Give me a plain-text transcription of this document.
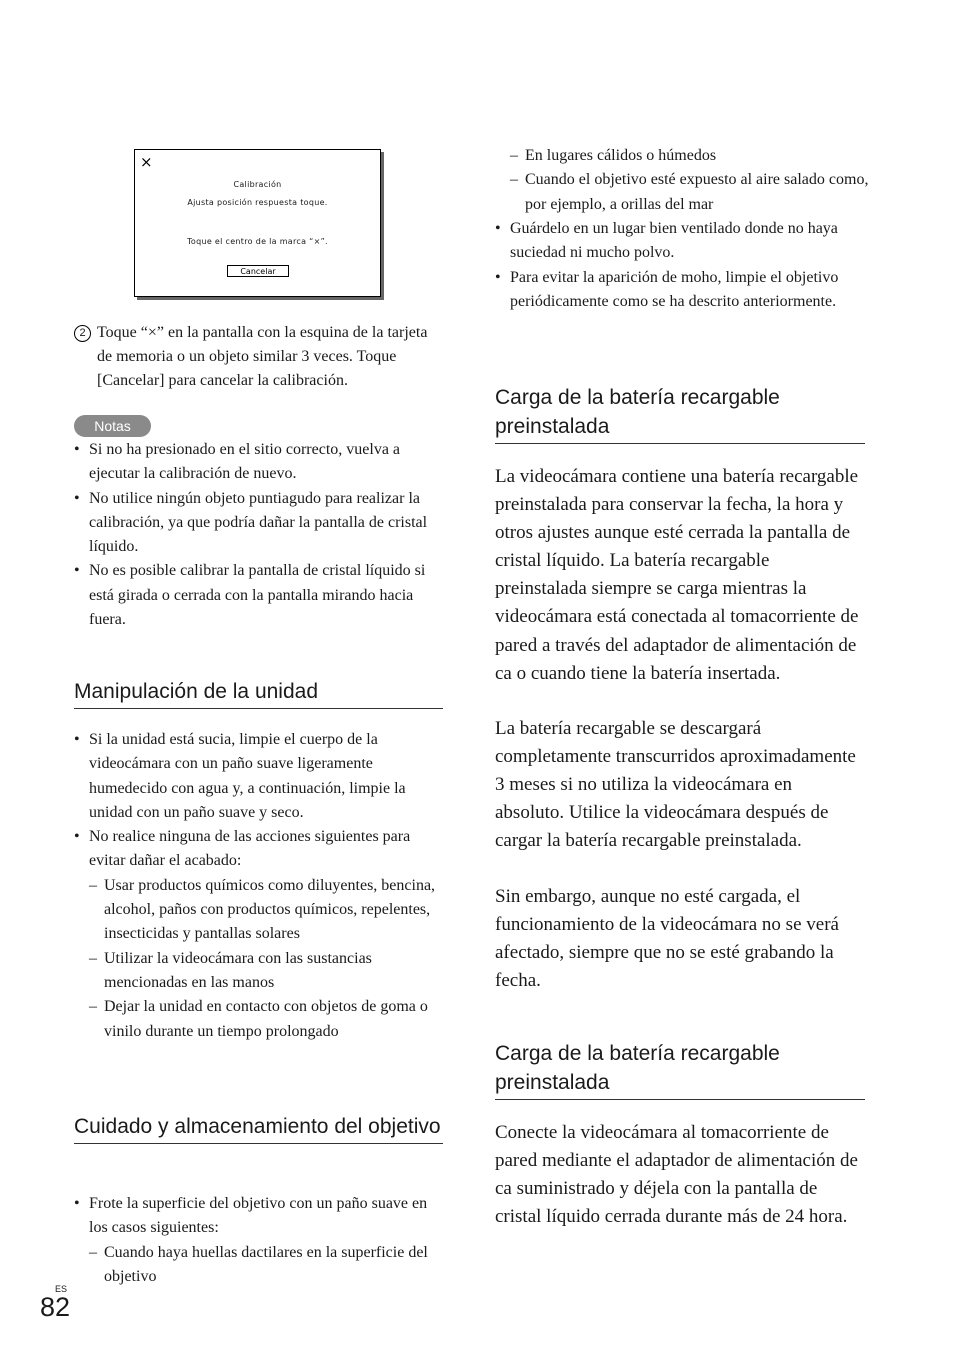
×
Calibración
Ajusta posición respuesta toque.
Toque el centro de la marca “×”.
Cancelar
2 Toque “×” en la pantalla con la esquina de la tarjeta de memoria o un objeto similar 3 veces. Toque [Cancelar] para cancelar la calibración.
Notas
• Si no ha presionado en el sitio correcto, vuelva a ejecutar la calibración de nuevo.
• No utilice ningún objeto puntiagudo para realizar la calibración, ya que podría dañar la pantalla de cristal líquido.
• No es posible calibrar la pantalla de cristal líquido si está girada o cerrada con la pantalla mirando hacia fuera.
Manipulación de la unidad
• Si la unidad está sucia, limpie el cuerpo de la videocámara con un paño suave ligeramente humedecido con agua y, a continuación, limpie la unidad con un paño suave y seco.
• No realice ninguna de las acciones siguientes para evitar dañar el acabado:
– Usar productos químicos como diluyentes, bencina, alcohol, paños con productos químicos, repelentes, insecticidas y pantallas solares
– Utilizar la videocámara con las sustancias mencionadas en las manos
– Dejar la unidad en contacto con objetos de goma o vinilo durante un tiempo prolongado
Cuidado y almacenamiento del objetivo
• Frote la superficie del objetivo con un paño suave en los casos siguientes:
– Cuando haya huellas dactilares en la superficie del objetivo
– En lugares cálidos o húmedos
– Cuando el objetivo esté expuesto al aire salado como, por ejemplo, a orillas del mar
• Guárdelo en un lugar bien ventilado donde no haya suciedad ni mucho polvo.
• Para evitar la aparición de moho, limpie el objetivo periódicamente como se ha descrito anteriormente.
Carga de la batería recargable preinstalada

La videocámara contiene una batería recargable preinstalada para conservar la fecha, la hora y otros ajustes aunque esté cerrada la pantalla de cristal líquido. La batería recargable preinstalada siempre se carga mientras la videocámara está conectada al tomacorriente de pared a través del adaptador de alimentación de ca o cuando tiene la batería insertada.

La batería recargable se descargará completamente transcurridos aproximadamente 3 meses si no utiliza la videocámara en absoluto. Utilice la videocámara después de cargar la batería recargable preinstalada.

Sin embargo, aunque no esté cargada, el funcionamiento de la videocámara no se verá afectado, siempre que no se esté grabando la fecha.

Carga de la batería recargable preinstalada

Conecte la videocámara al tomacorriente de pared mediante el adaptador de alimentación de ca suministrado y déjela con la pantalla de cristal líquido cerrada durante más de 24 hora.

ES
82
